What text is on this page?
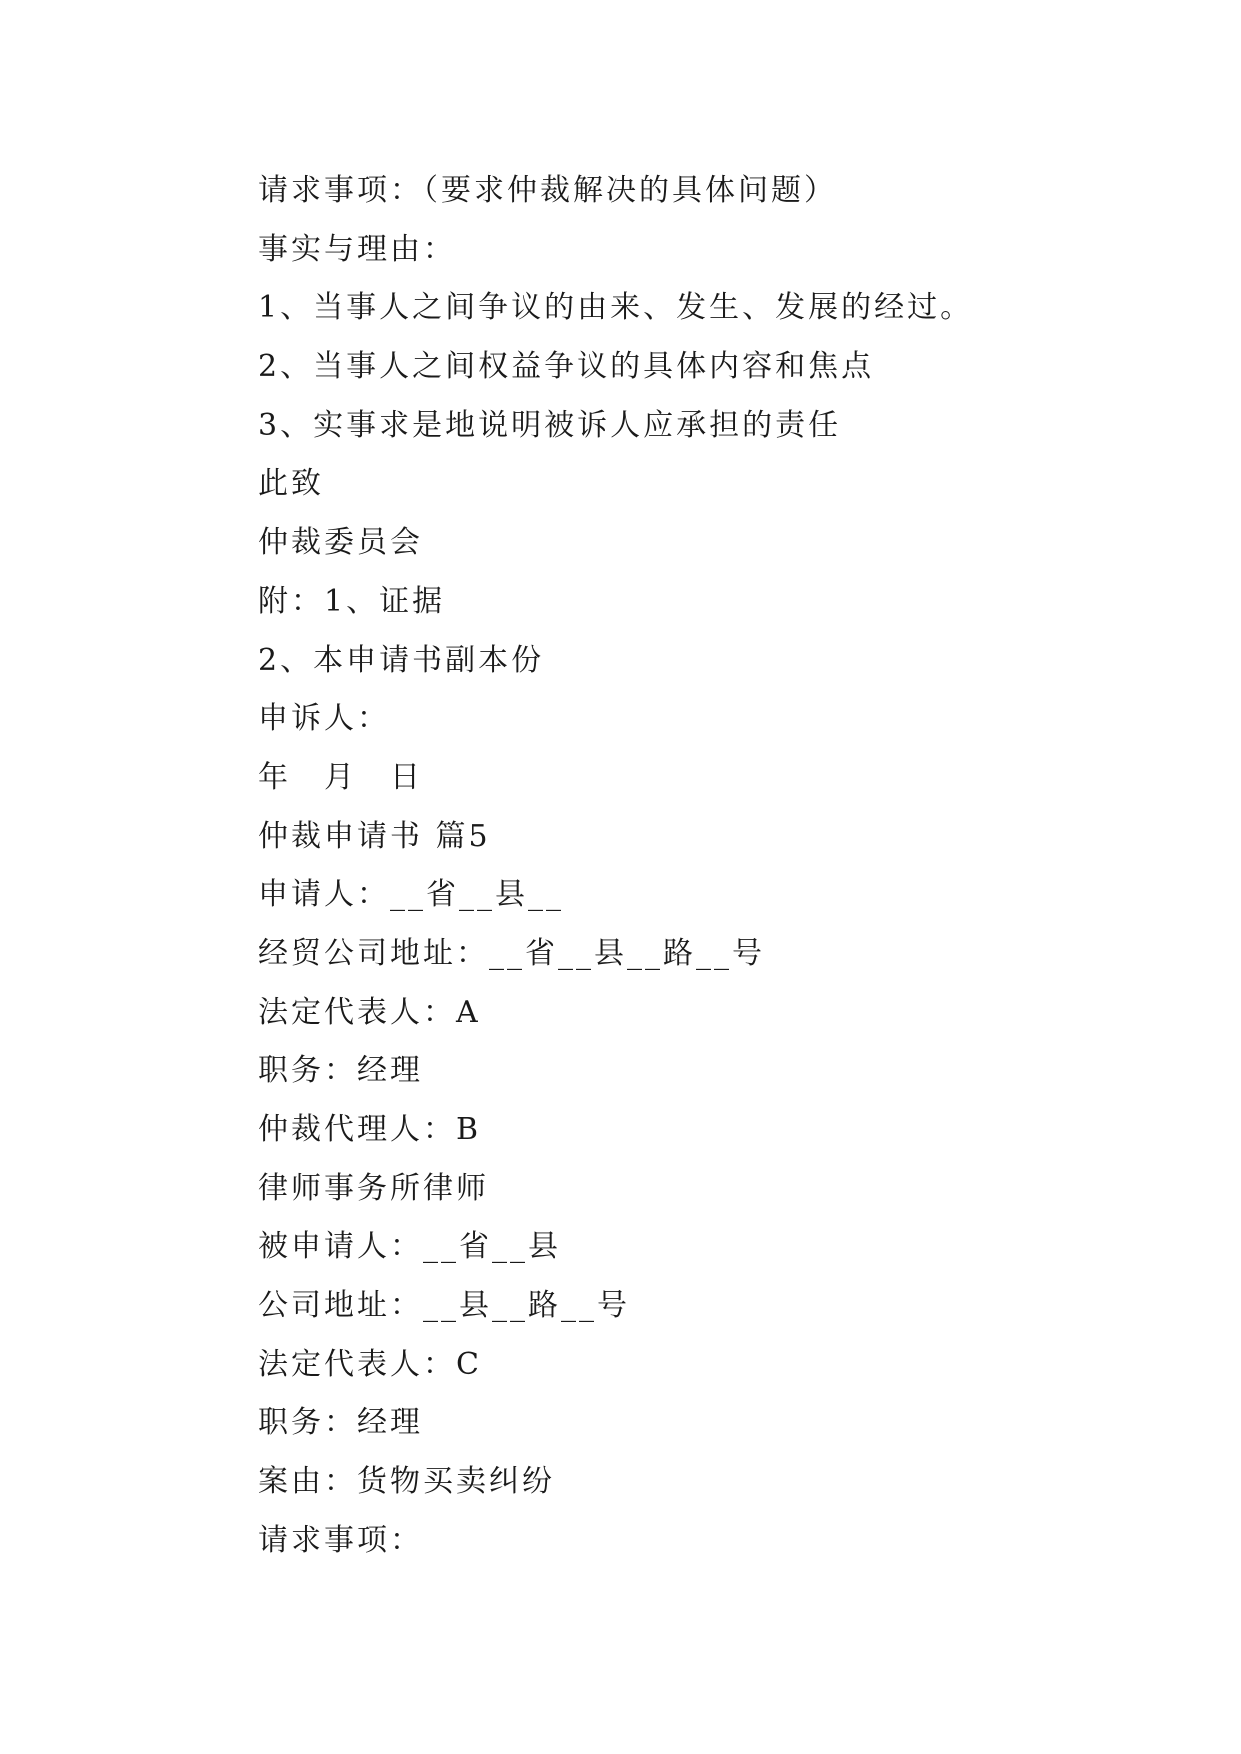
请求事项：（要求仲裁解决的具体问题）
事实与理由：
1、当事人之间争议的由来、发生、发展的经过。
2、当事人之间权益争议的具体内容和焦点
3、实事求是地说明被诉人应承担的责任
此致
仲裁委员会
附：1、证据
2、本申请书副本份
申诉人：
年　月　日
仲裁申请书 篇5
申请人：__省__县__
经贸公司地址：__省__县__路__号
法定代表人：A
职务：经理
仲裁代理人：B
律师事务所律师
被申请人：__省__县
公司地址：__县__路__号
法定代表人：C
职务：经理
案由：货物买卖纠纷
请求事项：
